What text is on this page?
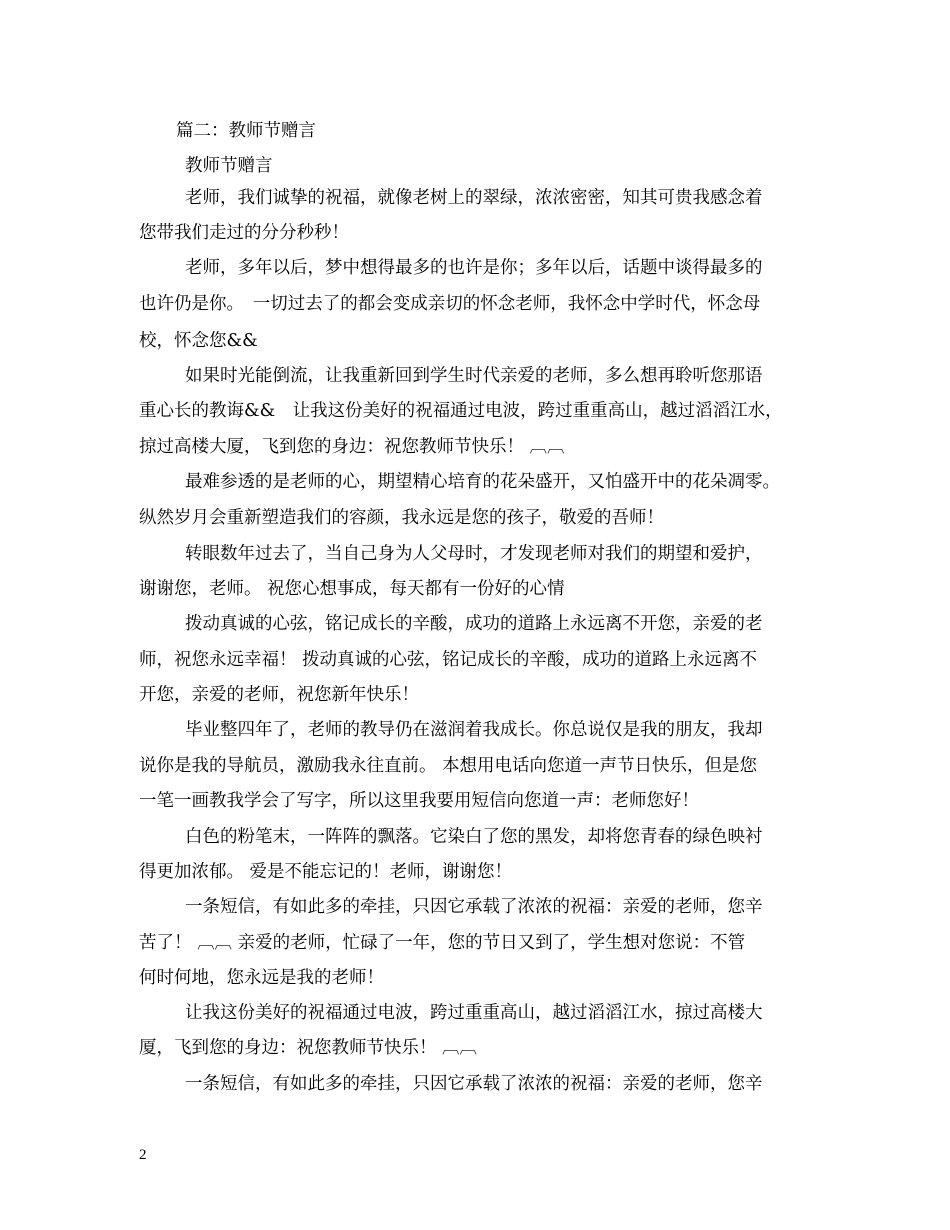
篇二：教师节赠言
教师节赠言
老师，我们诚挚的祝福，就像老树上的翠绿，浓浓密密，知其可贵我感念着
您带我们走过的分分秒秒！
老师，多年以后，梦中想得最多的也许是你；多年以后，话题中谈得最多的
也许仍是你。　一切过去了的都会变成亲切的怀念老师，我怀念中学时代，怀念母
校，怀念您&&
如果时光能倒流，让我重新回到学生时代亲爱的老师，多么想再聆听您那语
重心长的教诲&&　让我这份美好的祝福通过电波，跨过重重高山，越过滔滔江水，
掠过高楼大厦，飞到您的身边：祝您教师节快乐！ ︹︹
最难参透的是老师的心，期望精心培育的花朵盛开，又怕盛开中的花朵凋零。
纵然岁月会重新塑造我们的容颜，我永远是您的孩子，敬爱的吾师！
转眼数年过去了，当自己身为人父母时，才发现老师对我们的期望和爱护，
谢谢您，老师。 祝您心想事成，每天都有一份好的心情
拨动真诚的心弦，铭记成长的辛酸，成功的道路上永远离不开您，亲爱的老
师，祝您永远幸福！ 拨动真诚的心弦，铭记成长的辛酸，成功的道路上永远离不
开您，亲爱的老师，祝您新年快乐！
毕业整四年了，老师的教导仍在滋润着我成长。你总说仅是我的朋友，我却
说你是我的导航员，激励我永往直前。 本想用电话向您道一声节日快乐，但是您
一笔一画教我学会了写字，所以这里我要用短信向您道一声：老师您好！
白色的粉笔末，一阵阵的飘落。它染白了您的黑发，却将您青春的绿色映衬
得更加浓郁。 爱是不能忘记的！老师，谢谢您！
一条短信，有如此多的牵挂，只因它承载了浓浓的祝福：亲爱的老师，您辛
苦了！ ︹︹ 亲爱的老师，忙碌了一年，您的节日又到了，学生想对您说：不管
何时何地，您永远是我的老师！
让我这份美好的祝福通过电波，跨过重重高山，越过滔滔江水，掠过高楼大
厦，飞到您的身边：祝您教师节快乐！ ︹︹
一条短信，有如此多的牵挂，只因它承载了浓浓的祝福：亲爱的老师，您辛
2
